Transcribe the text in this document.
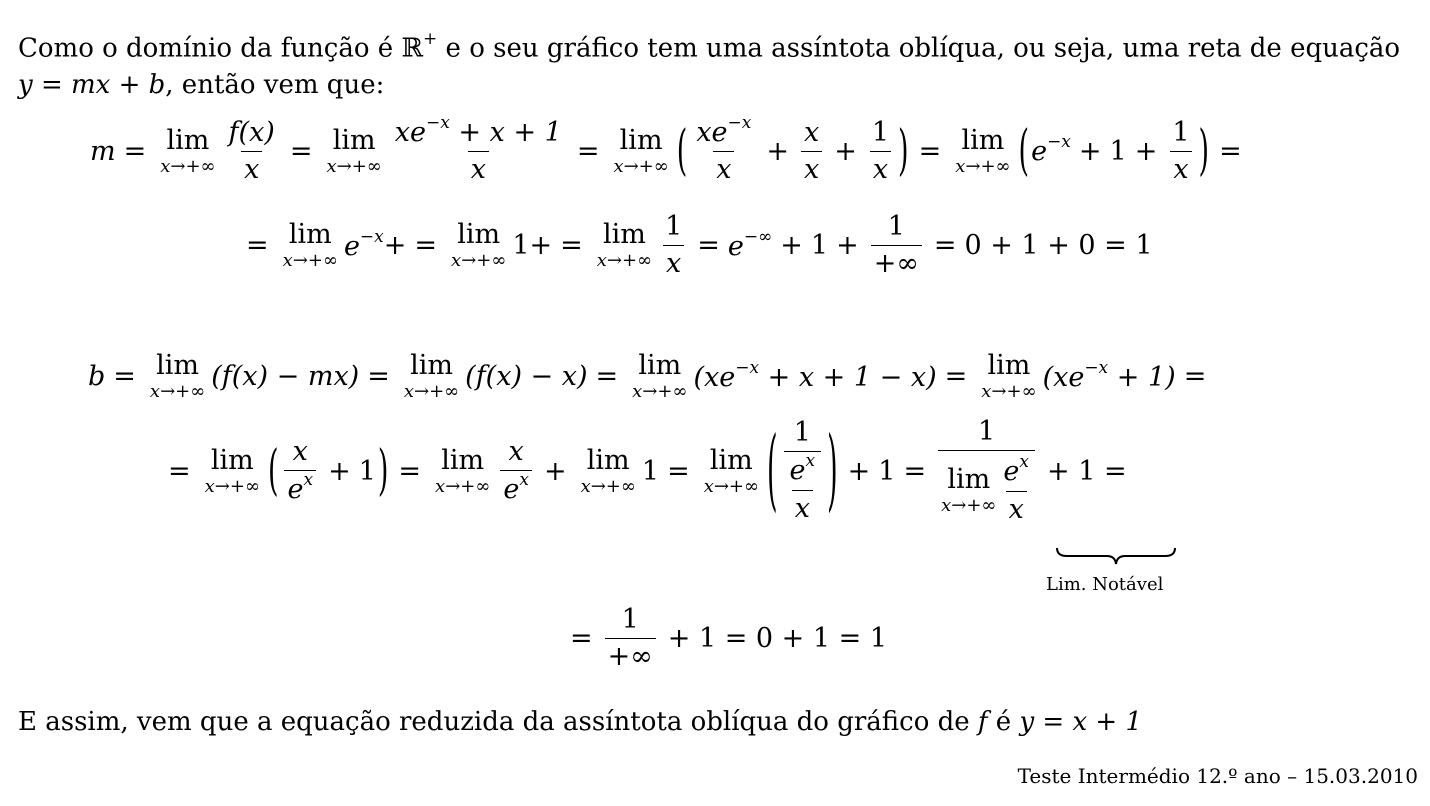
Como o domínio da função é ℝ+ e o seu gráfico tem uma assíntota oblíqua, ou seja, uma reta de equação
y = mx + b, então vem que:
m = lim
$x\to+\infty \frac{f(x)}{x} = \lim$
$x\to+\infty \frac{xe^{-x} + x + 1}{x} = \lim$
x→+∞ ( $\frac{xe^{-x}}{x} + \frac{x}{x} + \frac{1}{x}$ ) = lim
x→+∞ ( $e^{-x} + 1 + \frac{1}{x}$ ) =
= lim
x→+∞ $e^{-x}$ + = lim
x→+∞ 1 + = lim
$x\to+\infty \frac{1}{x} = e^{-\infty} + 1 + \frac{1}{+\infty} = 0 + 1 + 0 = 1$
b = lim
x→+∞ (f(x) − mx) = lim
x→+∞ (f(x) − x) = lim
x→+∞ $(xe^{-x} + x + 1 - x) = \lim$
x→+∞ $(xe^{-x} + 1)$ =
= lim
x→+∞ ( $\frac{x}{e^x} + 1$ ) = lim
$x\to+\infty \frac{x}{e^x} + \lim$
x→+∞ 1 = lim
x→+∞ ( $\frac{1}{\frac{e^x}{x}}$ ) + 1 = 1
lim
$x\to+\infty \frac{e^x}{x} + 1$ =
Lim. Notável
= $\frac{1}{+\infty} + 1 = 0 + 1 = 1$
E assim, vem que a equação reduzida da assíntota oblíqua do gráfico de f é y = x + 1
Teste Intermédio 12.º ano – 15.03.2010
